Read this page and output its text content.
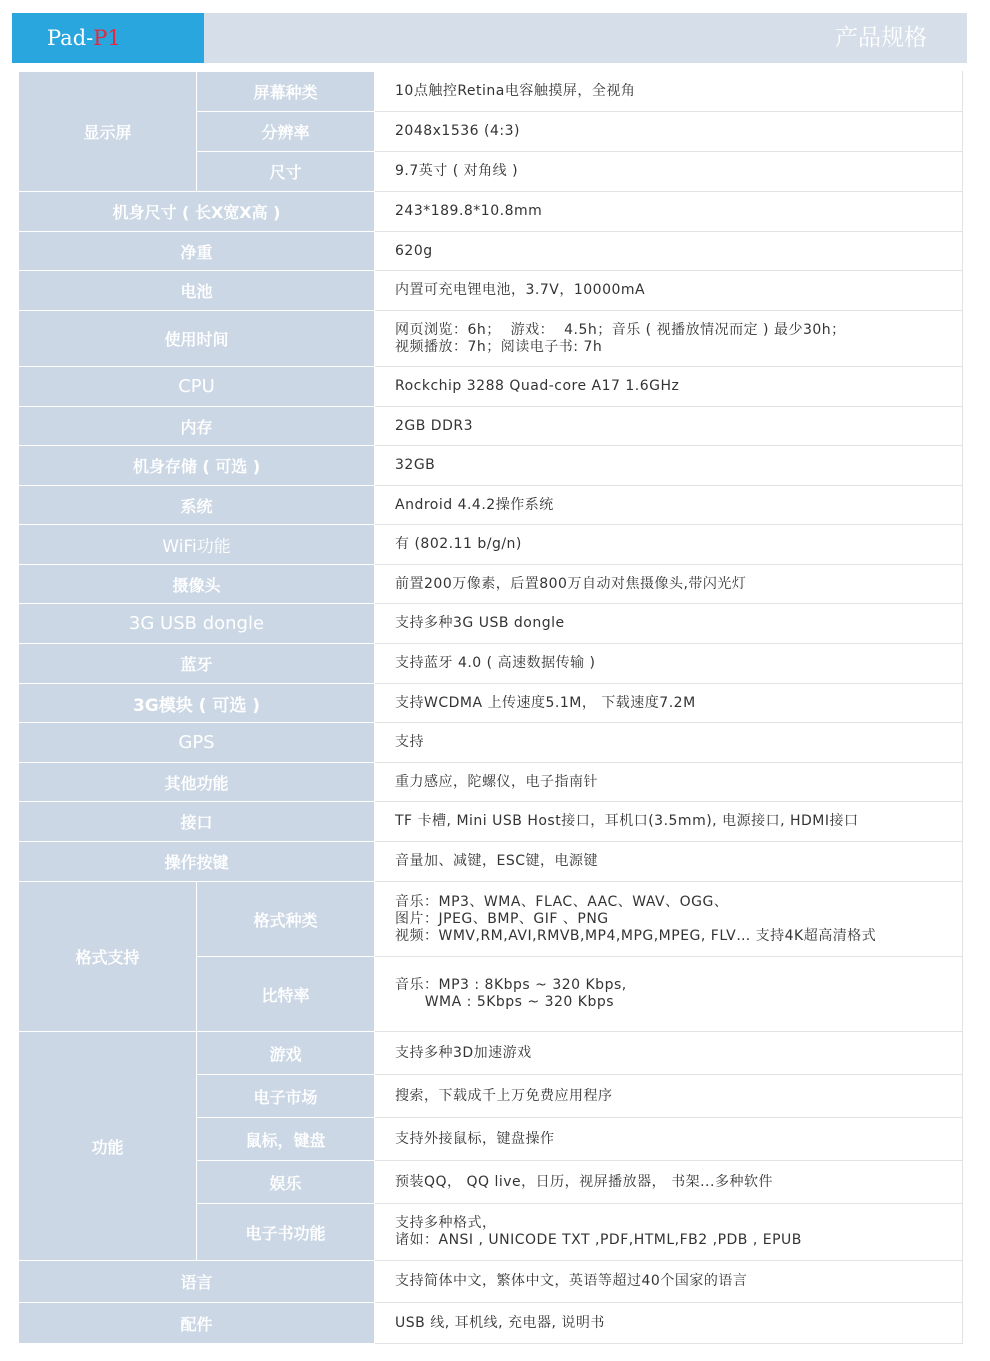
Pad-P1	产品规格
显示屏	屏幕种类	10点触控Retina电容触摸屏，全视角
	分辨率	2048x1536 (4:3)
	尺寸	9.7英寸 ( 对角线 )
机身尺寸 ( 长X宽X高 )		243*189.8*10.8mm
净重		620g
电池		内置可充电锂电池，3.7V，10000mA
使用时间		网页浏览：6h；  游戏：  4.5h；音乐 ( 视播放情况而定 ) 最少30h；
视频播放：7h；阅读电子书: 7h

CPU		Rockchip 3288 Quad-core A17 1.6GHz
内存		2GB DDR3
机身存储 ( 可选 )		32GB
系统		Android 4.4.2操作系统
WiFi功能		有 (802.11 b/g/n)
摄像头		前置200万像素，后置800万自动对焦摄像头,带闪光灯
3G USB dongle		支持多种3G USB dongle
蓝牙		支持蓝牙 4.0 ( 高速数据传输 )
3G模块 ( 可选 )		支持WCDMA 上传速度5.1M， 下载速度7.2M
GPS		支持
其他功能		重力感应，陀螺仪，电子指南针
接口		TF 卡槽, Mini USB Host接口，耳机口(3.5mm), 电源接口, HDMI接口
操作按键		音量加、减键，ESC键，电源键
格式支持	格式种类	音乐：MP3、WMA、FLAC、AAC、WAV、OGG、
图片：JPEG、BMP、GIF 、PNG
视频：WMV,RM,AVI,RMVB,MP4,MPG,MPEG, FLV… 支持4K超高清格式

	比特率	音乐：MP3 : 8Kbps ~ 320 Kbps,
WMA : 5Kbps ~ 320 Kbps

功能	游戏	支持多种3D加速游戏
	电子市场	搜索，下载成千上万免费应用程序
	鼠标，键盘	支持外接鼠标，键盘操作
	娱乐	预装QQ， QQ live，日历，视屏播放器， 书架...多种软件
	电子书功能	支持多种格式，
诸如：ANSI , UNICODE TXT ,PDF,HTML,FB2 ,PDB , EPUB

语言		支持简体中文，繁体中文，英语等超过40个国家的语言
配件		USB 线, 耳机线, 充电器, 说明书
